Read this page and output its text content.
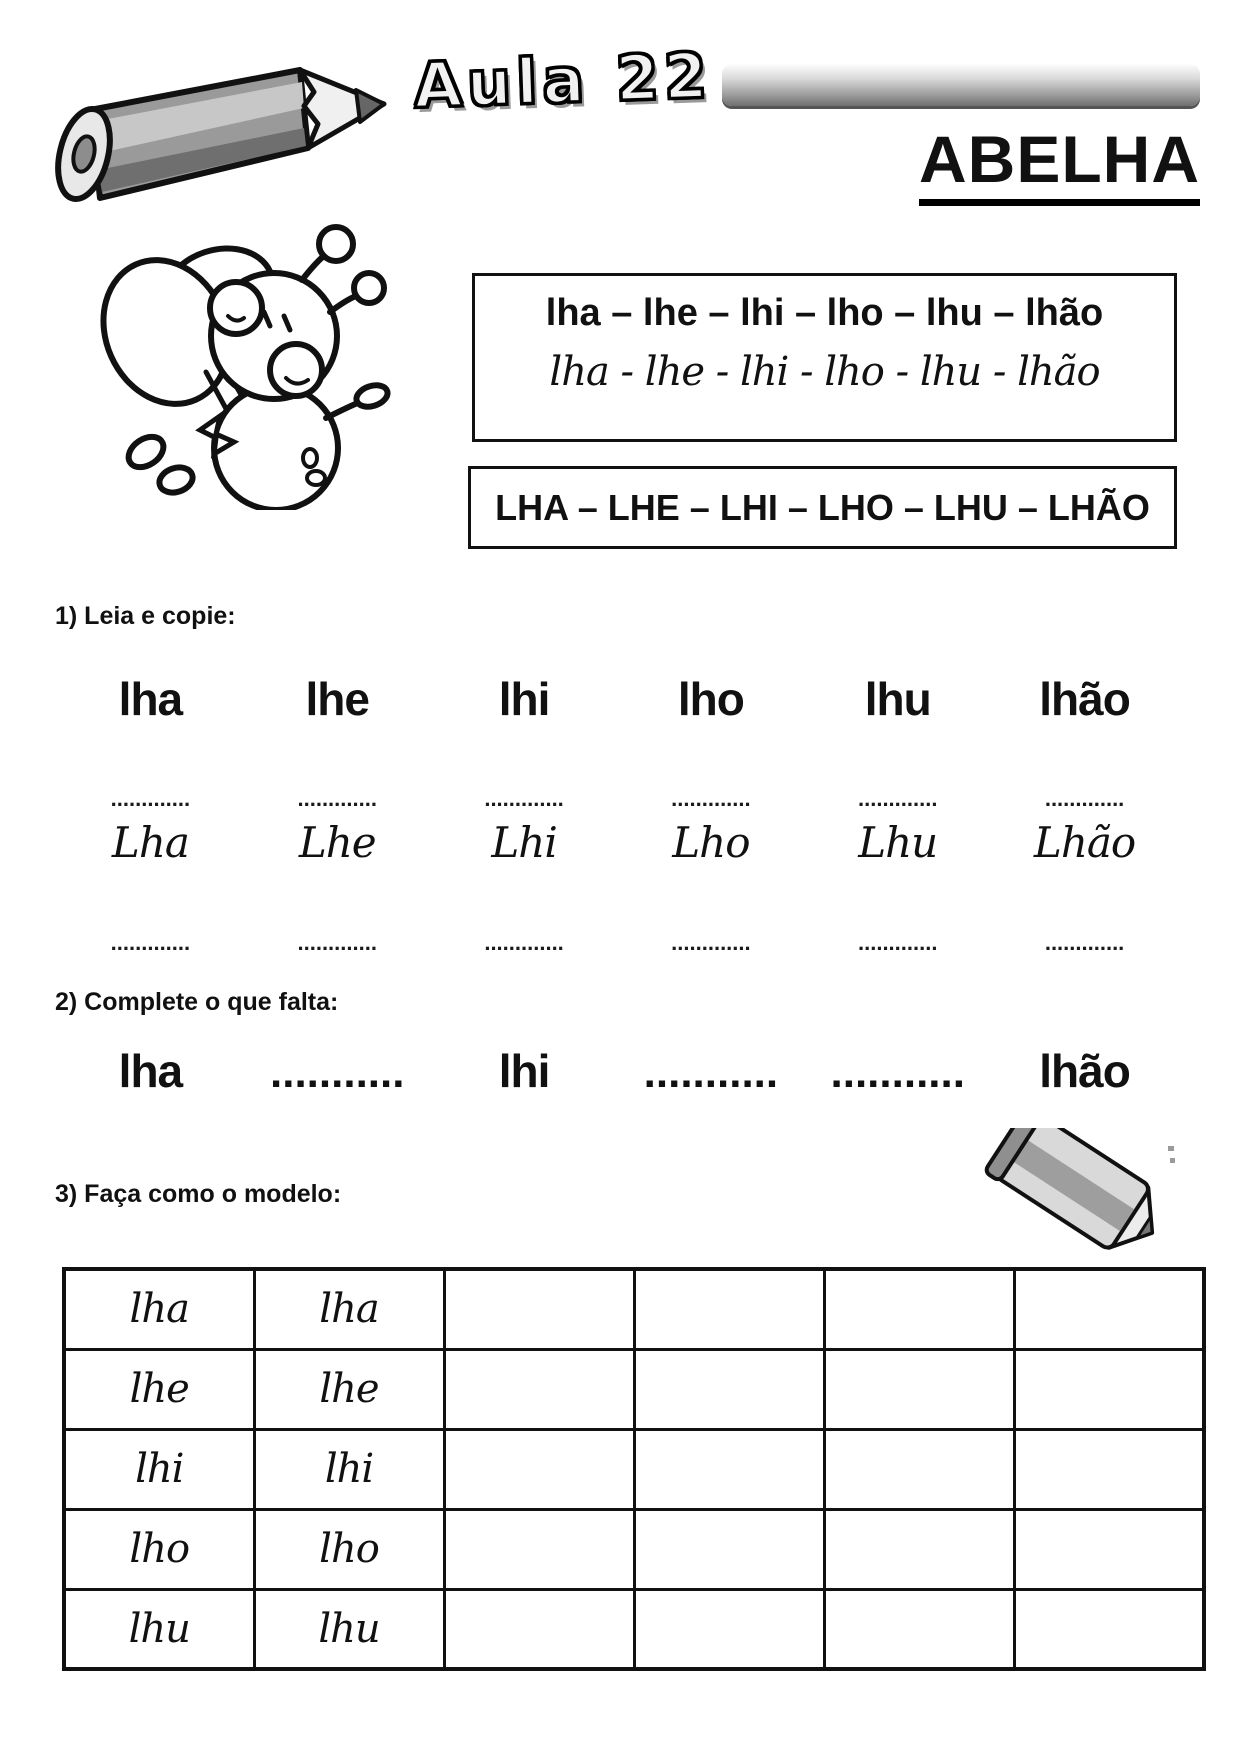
Aula 22
ABELHA
lha – lhe – lhi – lho – lhu – lhão
lha - lhe - lhi - lho - lhu - lhão
LHA – LHE – LHI – LHO – LHU – LHÃO
1) Leia e copie:
lha	lhe	lhi	lho	lhu	lhão
.............	.............	.............	.............	.............	.............
Lha	Lhe	Lhi	Lho	Lhu	Lhão
.............	.............	.............	.............	.............	.............
2) Complete o que falta:
lha	...........	lhi	...........	...........	lhão
3) Faça como o modelo:
lha	lha				
lhe	lhe				
lhi	lhi				
lho	lho				
lhu	lhu				
